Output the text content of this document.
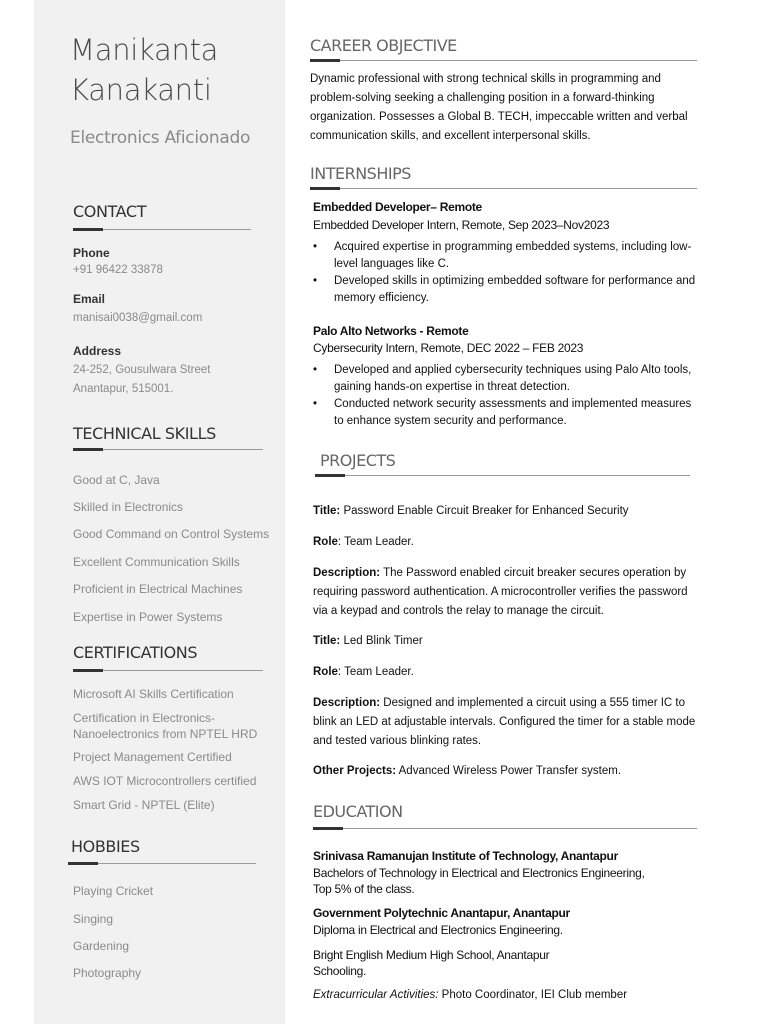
Manikanta
Kanakanti
Electronics Aficionado
CONTACT
Phone
+91 96422 33878
Email
manisai0038@gmail.com
Address
24-252, Gousulwara Street
Anantapur, 515001.
TECHNICAL SKILLS
Good at C, Java
Skilled in Electronics
Good Command on Control Systems
Excellent Communication Skills
Proficient in Electrical Machines
Expertise in Power Systems
CERTIFICATIONS
Microsoft AI Skills Certification
Certification in Electronics-
Nanoelectronics from NPTEL HRD
Project Management Certified
AWS IOT Microcontrollers certified
Smart Grid - NPTEL (Elite)
HOBBIES
Playing Cricket
Singing
Gardening
Photography
CAREER OBJECTIVE
Dynamic professional with strong technical skills in programming and problem-solving seeking a challenging position in a forward-thinking organization. Possesses a Global B. TECH, impeccable written and verbal communication skills, and excellent interpersonal skills.
INTERNSHIPS
Embedded Developer– Remote
Embedded Developer Intern, Remote, Sep 2023–Nov2023
• Acquired expertise in programming embedded systems, including low-level languages like C.
• Developed skills in optimizing embedded software for performance and memory efficiency.
Palo Alto Networks - Remote
Cybersecurity Intern, Remote, DEC 2022 – FEB 2023
• Developed and applied cybersecurity techniques using Palo Alto tools, gaining hands-on expertise in threat detection.
• Conducted network security assessments and implemented measures to enhance system security and performance.
PROJECTS
Title: Password Enable Circuit Breaker for Enhanced Security
Role: Team Leader.
Description: The Password enabled circuit breaker secures operation by requiring password authentication. A microcontroller verifies the password via a keypad and controls the relay to manage the circuit.
Title: Led Blink Timer
Role: Team Leader.
Description: Designed and implemented a circuit using a 555 timer IC to blink an LED at adjustable intervals. Configured the timer for a stable mode and tested various blinking rates.
Other Projects: Advanced Wireless Power Transfer system.
EDUCATION
Srinivasa Ramanujan Institute of Technology, Anantapur
Bachelors of Technology in Electrical and Electronics Engineering,
Top 5% of the class.
Government Polytechnic Anantapur, Anantapur
Diploma in Electrical and Electronics Engineering.
Bright English Medium High School, Anantapur
Schooling.
Extracurricular Activities: Photo Coordinator, IEI Club member
